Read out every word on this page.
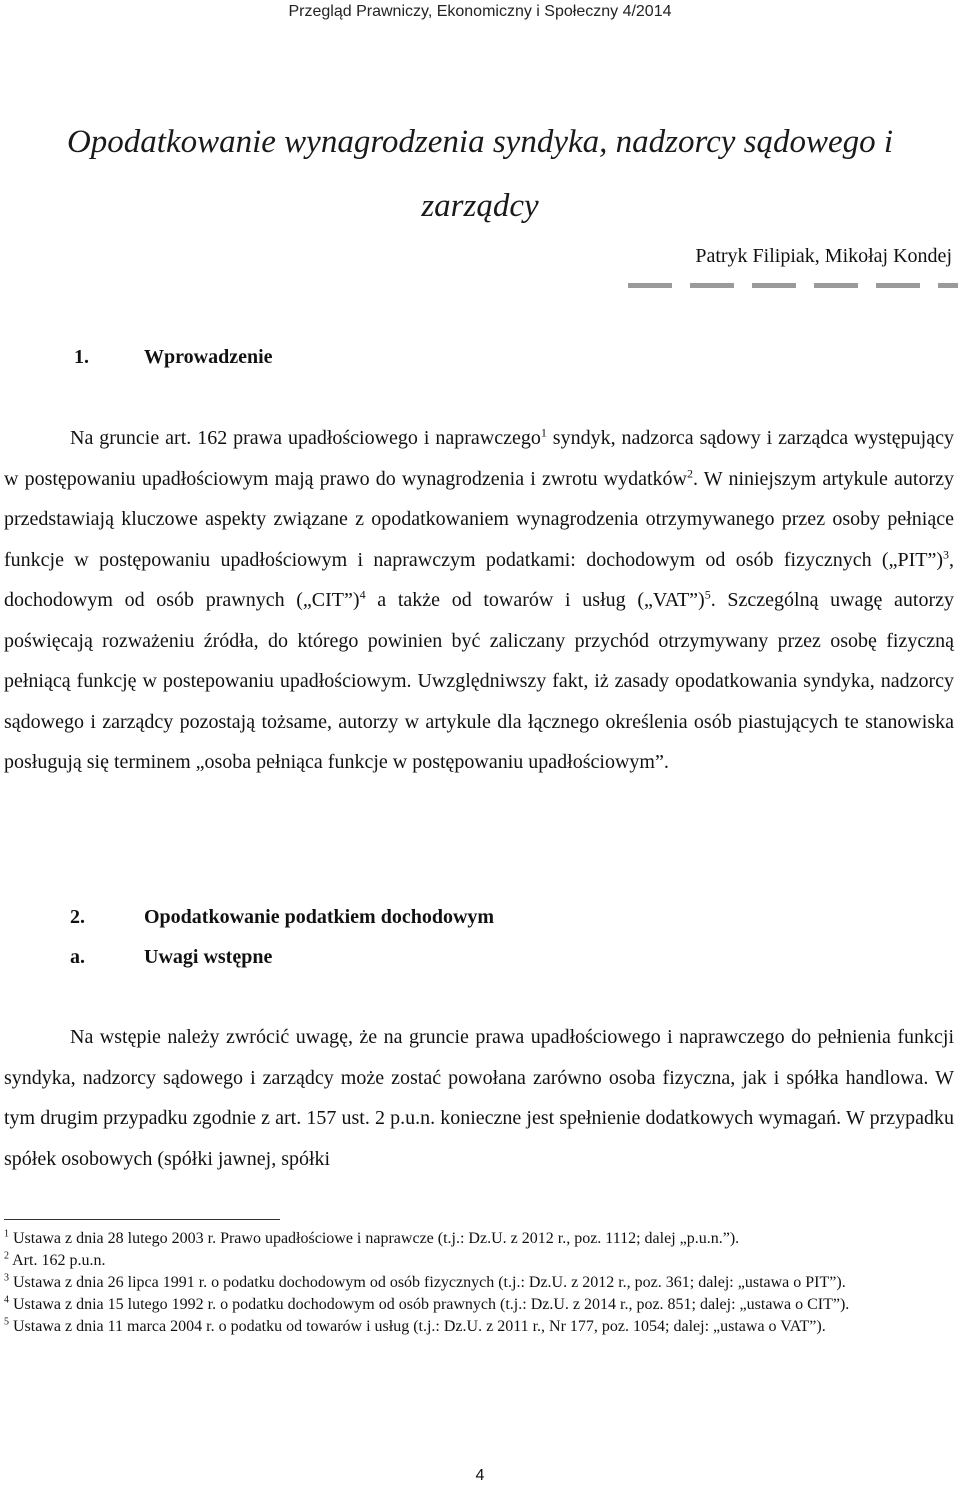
Przegląd Prawniczy, Ekonomiczny i Społeczny 4/2014
Opodatkowanie wynagrodzenia syndyka, nadzorcy sądowego i
zarządcy
Patryk Filipiak, Mikołaj Kondej
1.	Wprowadzenie

Na gruncie art. 162 prawa upadłościowego i naprawczego$^1$ syndyk, nadzorca sądowy i zarządca występujący w postępowaniu upadłościowym mają prawo do wynagrodzenia i zwrotu wydatków$^2$. W niniejszym artykule autorzy przedstawiają kluczowe aspekty związane z opodatkowaniem wynagrodzenia otrzymywanego przez osoby pełniące funkcje w postępowaniu upadłościowym i naprawczym podatkami: dochodowym od osób fizycznych („PIT”)$^3$, dochodowym od osób prawnych („CIT”)$^4$ a także od towarów i usług („VAT”)$^5$. Szczególną uwagę autorzy poświęcają rozważeniu źródła, do którego powinien być zaliczany przychód otrzymywany przez osobę fizyczną pełniącą funkcję w postepowaniu upadłościowym. Uwzględniwszy fakt, iż zasady opodatkowania syndyka, nadzorcy sądowego i zarządcy pozostają tożsame, autorzy w artykule dla łącznego określenia osób piastujących te stanowiska posługują się terminem „osoba pełniąca funkcje w postępowaniu upadłościowym”.

2.	Opodatkowanie podatkiem dochodowym
a.	Uwagi wstępne

Na wstępie należy zwrócić uwagę, że na gruncie prawa upadłościowego i naprawczego do pełnienia funkcji syndyka, nadzorcy sądowego i zarządcy może zostać powołana zarówno osoba fizyczna, jak i spółka handlowa. W tym drugim przypadku zgodnie z art. 157 ust. 2 p.u.n. konieczne jest spełnienie dodatkowych wymagań. W przypadku spółek osobowych (spółki jawnej, spółki

$^1$ Ustawa z dnia 28 lutego 2003 r. Prawo upadłościowe i naprawcze (t.j.: Dz.U. z 2012 r., poz. 1112; dalej „p.u.n.”).

$^2$ Art. 162 p.u.n.

$^3$ Ustawa z dnia 26 lipca 1991 r. o podatku dochodowym od osób fizycznych (t.j.: Dz.U. z 2012 r., poz. 361; dalej: „ustawa o PIT”).

$^4$ Ustawa z dnia 15 lutego 1992 r. o podatku dochodowym od osób prawnych (t.j.: Dz.U. z 2014 r., poz. 851; dalej: „ustawa o CIT”).

$^5$ Ustawa z dnia 11 marca 2004 r. o podatku od towarów i usług (t.j.: Dz.U. z 2011 r., Nr 177, poz. 1054; dalej: „ustawa o VAT”).

4
